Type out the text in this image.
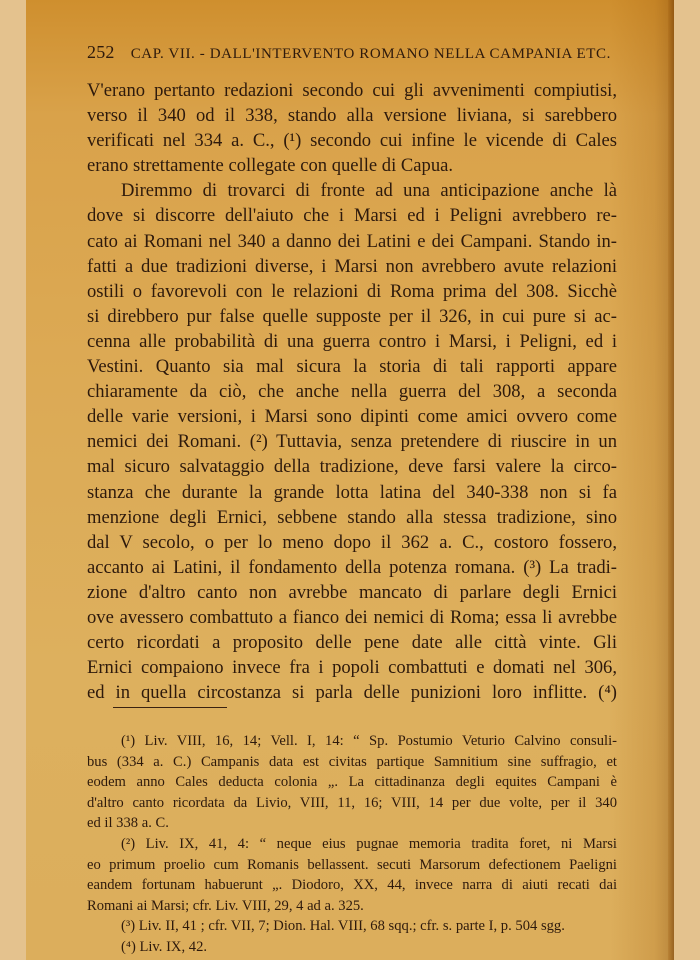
252 CAP. VII. - DALL'INTERVENTO ROMANO NELLA CAMPANIA ETC.
V'erano pertanto redazioni secondo cui gli avvenimenti compiutisi,
verso il 340 od il 338, stando alla versione liviana, si sarebbero
verificati nel 334 a. C., (¹) secondo cui infine le vicende di Cales
erano strettamente collegate con quelle di Capua.
Diremmo di trovarci di fronte ad una anticipazione anche là
dove si discorre dell'aiuto che i Marsi ed i Peligni avrebbero re-
cato ai Romani nel 340 a danno dei Latini e dei Campani. Stando in-
fatti a due tradizioni diverse, i Marsi non avrebbero avute relazioni
ostili o favorevoli con le relazioni di Roma prima del 308. Sicchè
si direbbero pur false quelle supposte per il 326, in cui pure si ac-
cenna alle probabilità di una guerra contro i Marsi, i Peligni, ed i
Vestini. Quanto sia mal sicura la storia di tali rapporti appare
chiaramente da ciò, che anche nella guerra del 308, a seconda
delle varie versioni, i Marsi sono dipinti come amici ovvero come
nemici dei Romani. (²) Tuttavia, senza pretendere di riuscire in un
mal sicuro salvataggio della tradizione, deve farsi valere la circo-
stanza che durante la grande lotta latina del 340-338 non si fa
menzione degli Ernici, sebbene stando alla stessa tradizione, sino
dal V secolo, o per lo meno dopo il 362 a. C., costoro fossero,
accanto ai Latini, il fondamento della potenza romana. (³) La tradi-
zione d'altro canto non avrebbe mancato di parlare degli Ernici
ove avessero combattuto a fianco dei nemici di Roma; essa li avrebbe
certo ricordati a proposito delle pene date alle città vinte. Gli
Ernici compaiono invece fra i popoli combattuti e domati nel 306,
ed in quella circostanza si parla delle punizioni loro inflitte. (⁴)
(¹) Liv. VIII, 16, 14; Vell. I, 14: “ Sp. Postumio Veturio Calvino consuli-
bus (334 a. C.) Campanis data est civitas partique Samnitium sine suffragio, et
eodem anno Cales deducta colonia „. La cittadinanza degli equites Campani è
d'altro canto ricordata da Livio, VIII, 11, 16; VIII, 14 per due volte, per il 340
ed il 338 a. C.
(²) Liv. IX, 41, 4: “ neque eius pugnae memoria tradita foret, ni Marsi
eo primum proelio cum Romanis bellassent. secuti Marsorum defectionem Paeligni
eandem fortunam habuerunt „. Diodoro, XX, 44, invece narra di aiuti recati dai
Romani ai Marsi; cfr. Liv. VIII, 29, 4 ad a. 325.
(³) Liv. II, 41 ; cfr. VII, 7; Dion. Hal. VIII, 68 sqq.; cfr. s. parte I, p. 504 sgg.
(⁴) Liv. IX, 42.
